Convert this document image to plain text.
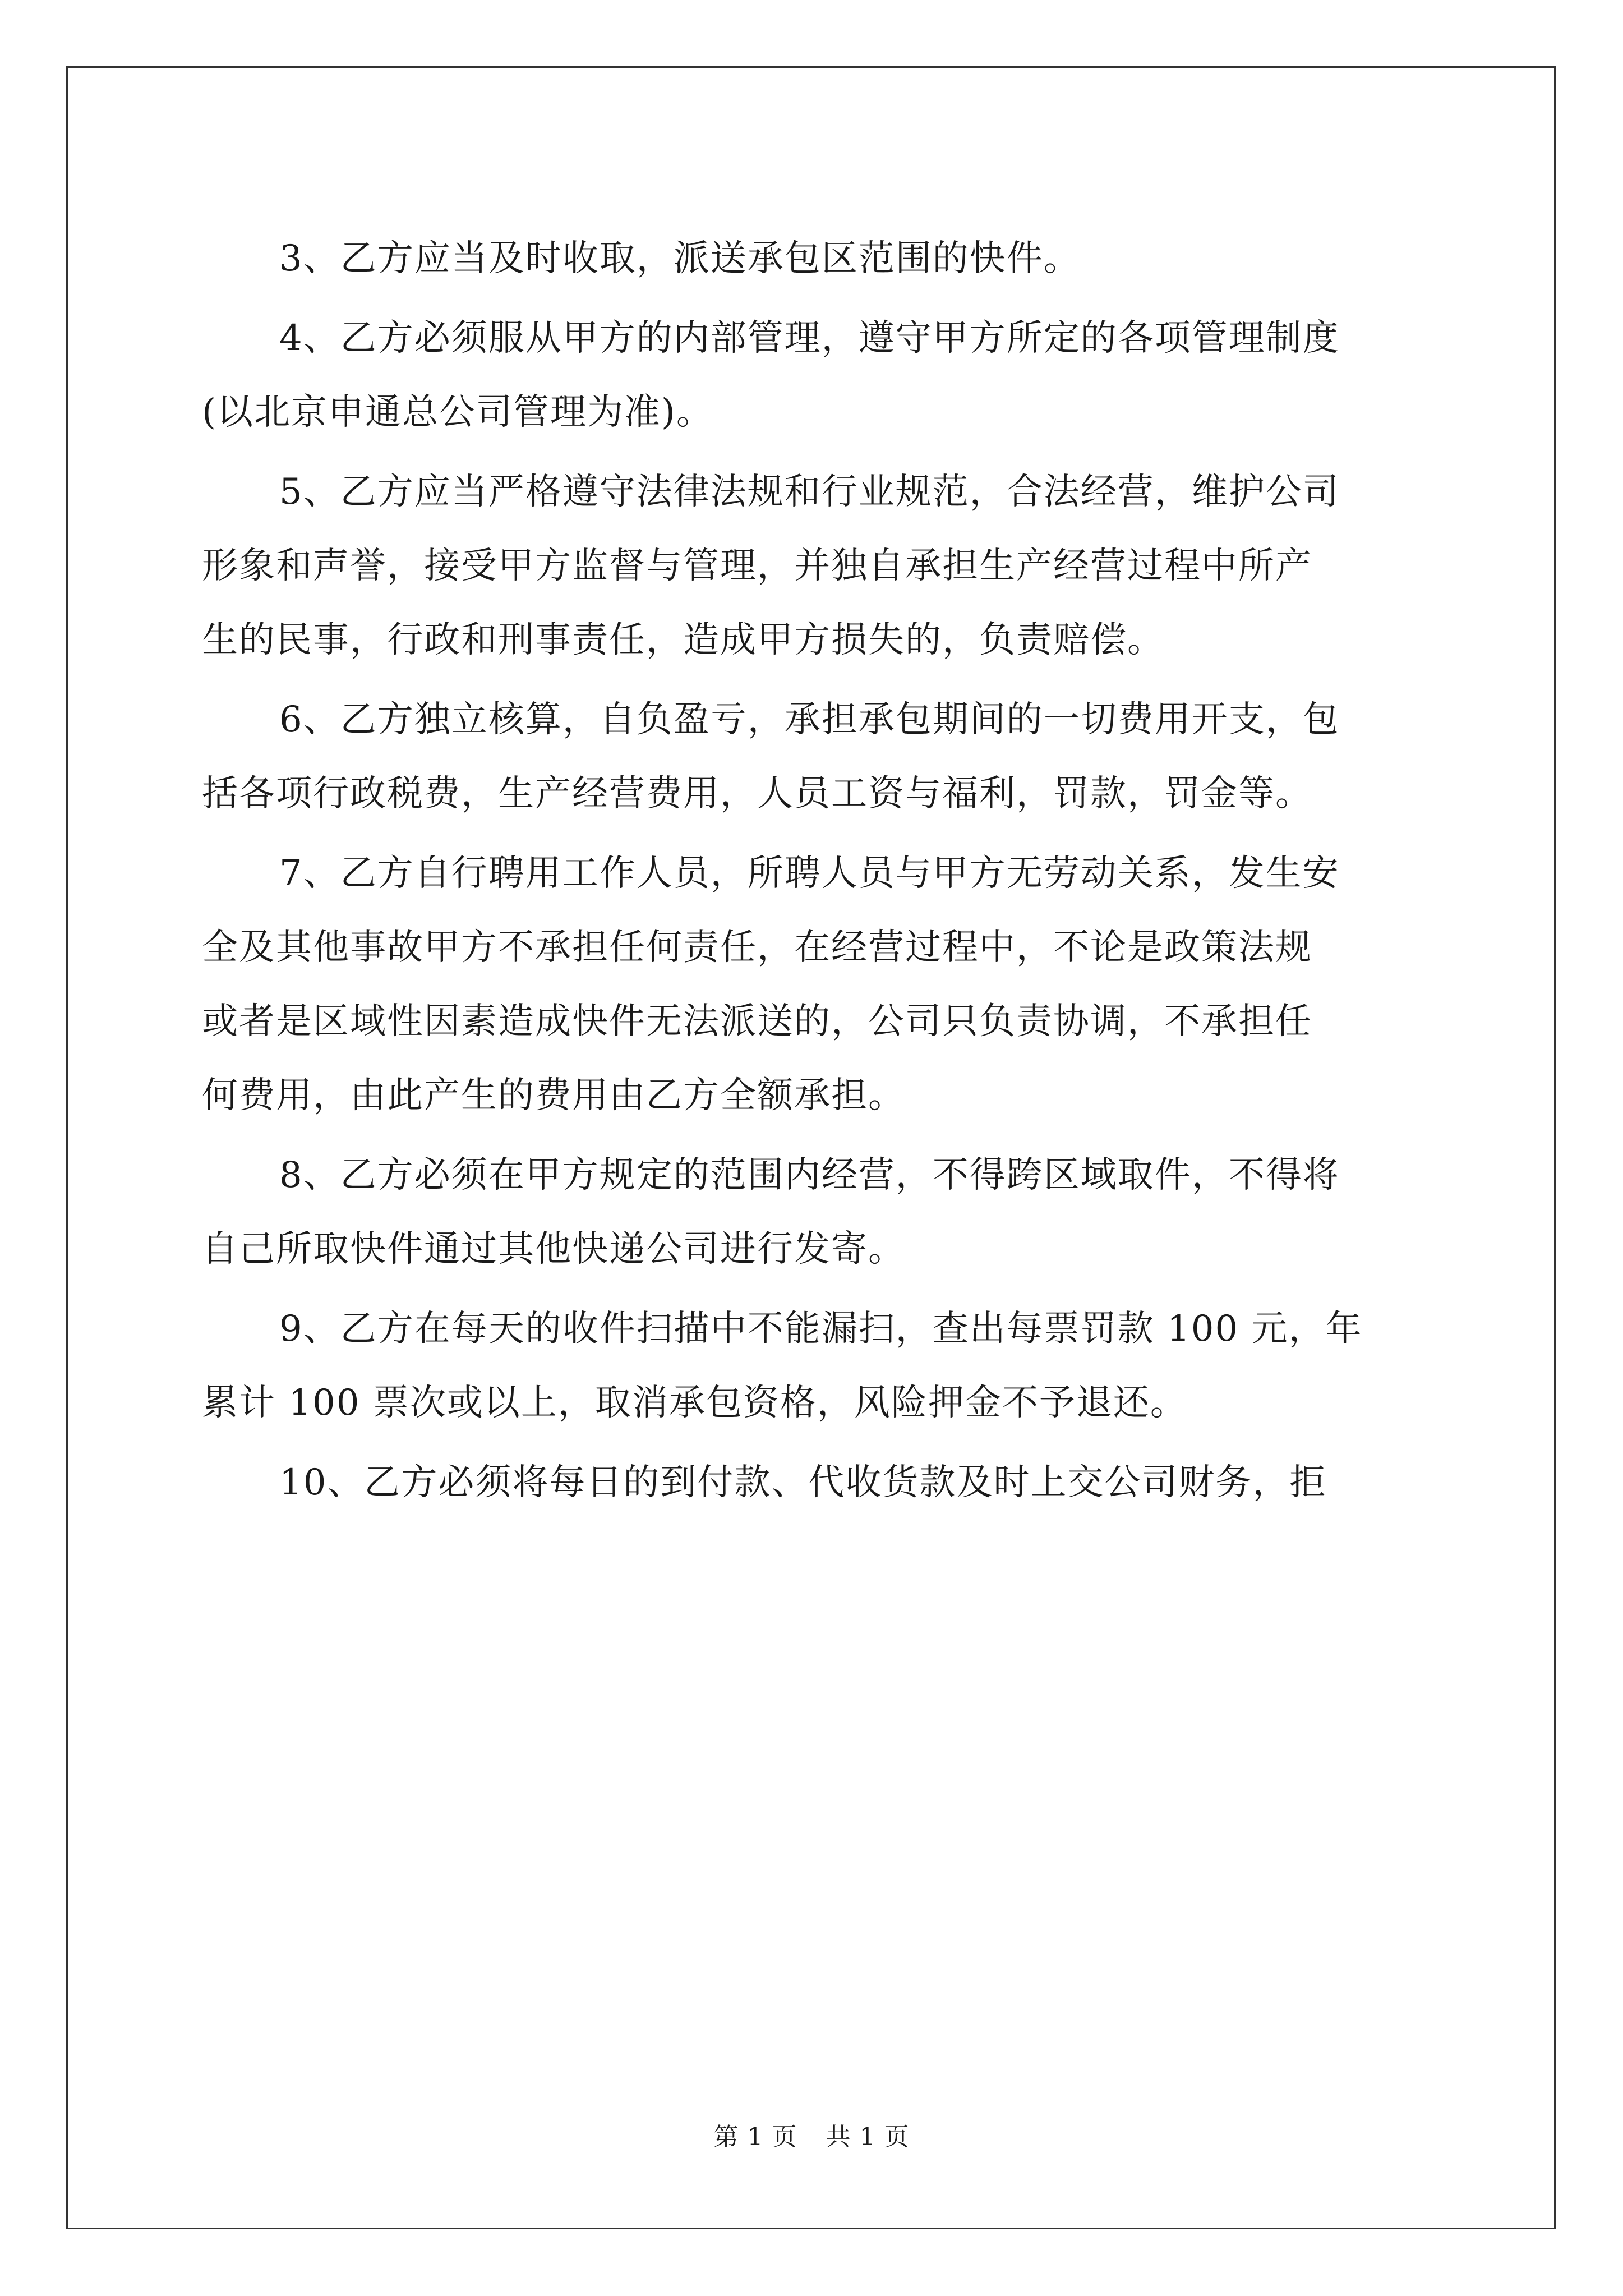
3、乙方应当及时收取，派送承包区范围的快件。

4、乙方必须服从甲方的内部管理，遵守甲方所定的各项管理制度
(以北京申通总公司管理为准)。

5、乙方应当严格遵守法律法规和行业规范，合法经营，维护公司
形象和声誉，接受甲方监督与管理，并独自承担生产经营过程中所产
生的民事，行政和刑事责任，造成甲方损失的，负责赔偿。

6、乙方独立核算，自负盈亏，承担承包期间的一切费用开支，包
括各项行政税费，生产经营费用，人员工资与福利，罚款，罚金等。

7、乙方自行聘用工作人员，所聘人员与甲方无劳动关系，发生安
全及其他事故甲方不承担任何责任，在经营过程中，不论是政策法规
或者是区域性因素造成快件无法派送的，公司只负责协调，不承担任
何费用，由此产生的费用由乙方全额承担。

8、乙方必须在甲方规定的范围内经营，不得跨区域取件，不得将
自己所取快件通过其他快递公司进行发寄。

9、乙方在每天的收件扫描中不能漏扫，查出每票罚款 100 元，年
累计 100 票次或以上，取消承包资格，风险押金不予退还。

10、乙方必须将每日的到付款、代收货款及时上交公司财务，拒

第 1 页 共 1 页
